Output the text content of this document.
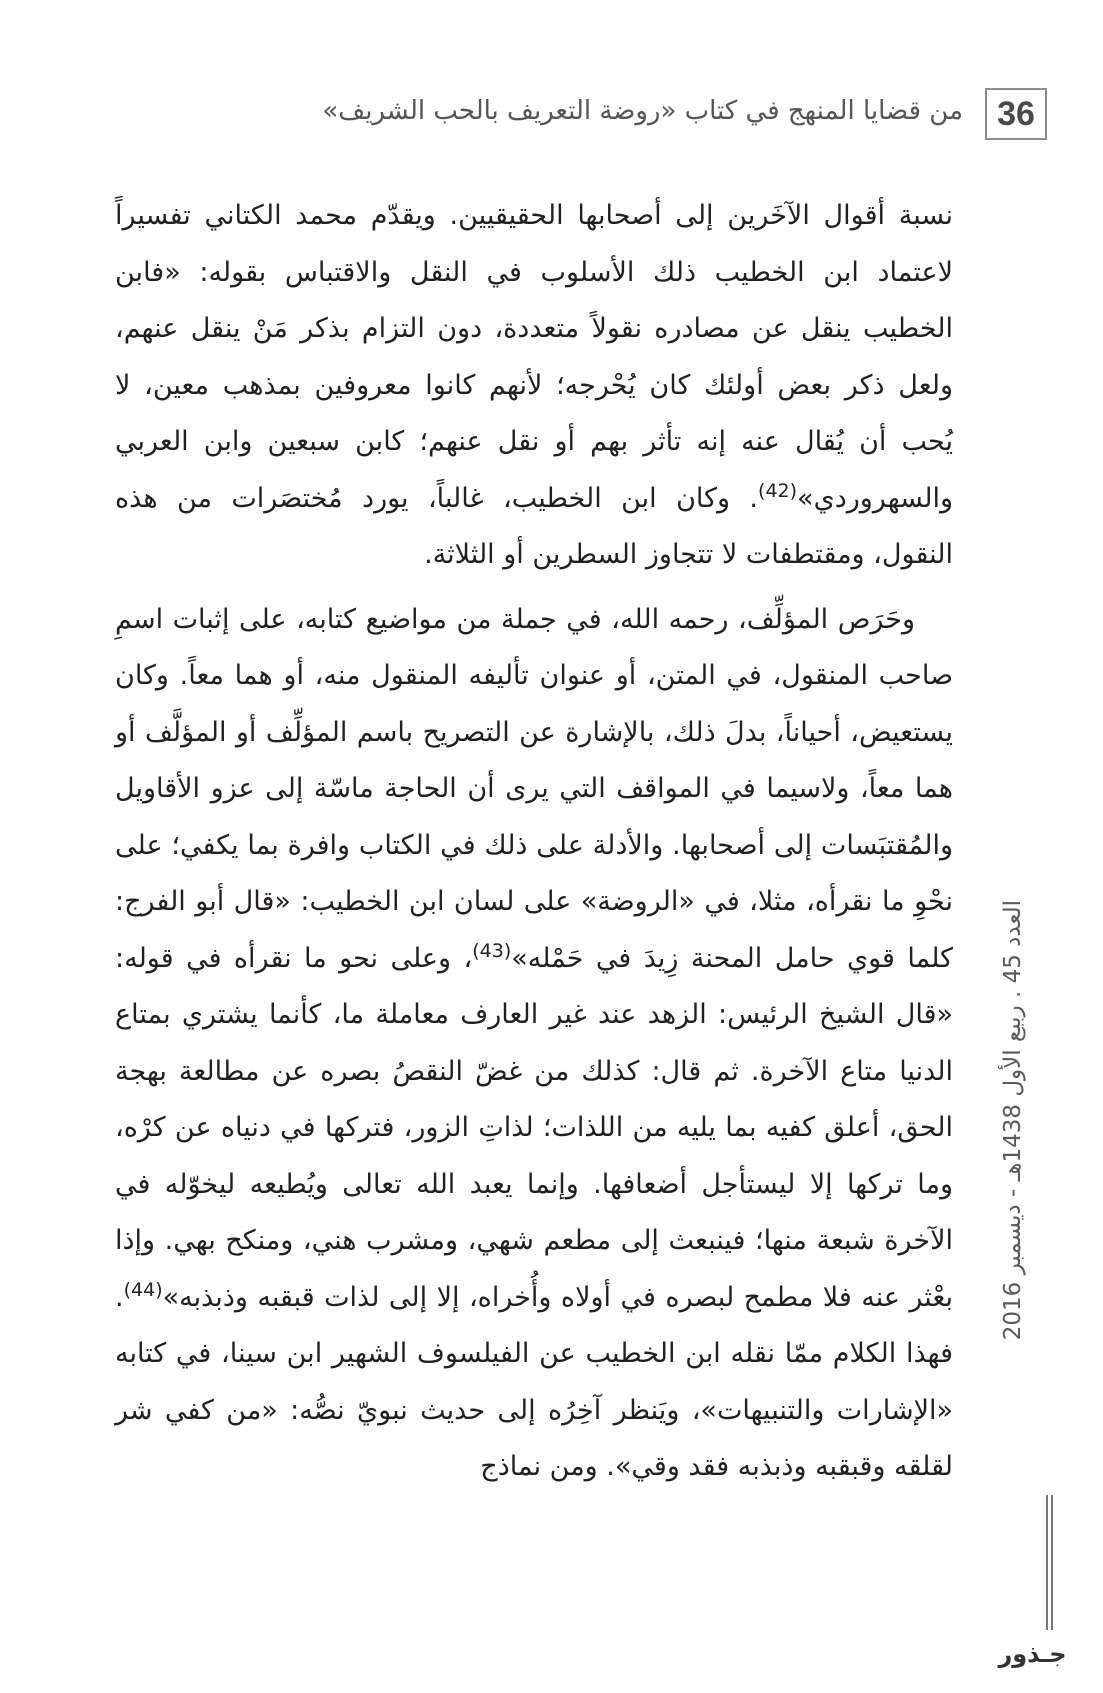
36
من قضايا المنهج في كتاب «روضة التعريف بالحب الشريف»

نسبة أقوال الآخَرين إلى أصحابها الحقيقيين. ويقدّم محمد الكتاني تفسيراً لاعتماد ابن الخطيب ذلك الأسلوب في النقل والاقتباس بقوله: «فابن الخطيب ينقل عن مصادره نقولاً متعددة، دون التزام بذكر مَنْ ينقل عنهم، ولعل ذكر بعض أولئك كان يُحْرجه؛ لأنهم كانوا معروفين بمذهب معين، لا يُحب أن يُقال عنه إنه تأثر بهم أو نقل عنهم؛ كابن سبعين وابن العربي والسهروردي»$^{(42)}$. وكان ابن الخطيب، غالباً، يورد مُختصَرات من هذه النقول، ومقتطفات لا تتجاوز السطرين أو الثلاثة.

وحَرَص المؤلِّف، رحمه الله، في جملة من مواضيع كتابه، على إثبات اسمِ صاحب المنقول، في المتن، أو عنوان تأليفه المنقول منه، أو هما معاً. وكان يستعيض، أحياناً، بدلَ ذلك، بالإشارة عن التصريح باسم المؤلِّف أو المؤلَّف أو هما معاً، ولاسيما في المواقف التي يرى أن الحاجة ماسّة إلى عزو الأقاويل والمُقتبَسات إلى أصحابها. والأدلة على ذلك في الكتاب وافرة بما يكفي؛ على نحْوِ ما نقرأه، مثلا، في «الروضة» على لسان ابن الخطيب: «قال أبو الفرج: كلما قوي حامل المحنة زِيدَ في حَمْله»$^{(43)}$، وعلى نحو ما نقرأه في قوله: «قال الشيخ الرئيس: الزهد عند غير العارف معاملة ما، كأنما يشتري بمتاع الدنيا متاع الآخرة. ثم قال: كذلك من غضّ النقصُ بصره عن مطالعة بهجة الحق، أعلق كفيه بما يليه من اللذات؛ لذاتِ الزور، فتركها في دنياه عن كرْه، وما تركها إلا ليستأجل أضعافها. وإنما يعبد الله تعالى ويُطيعه ليخوّله في الآخرة شبعة منها؛ فينبعث إلى مطعم شهي، ومشرب هني، ومنكح بهي. وإذا بعْثر عنه فلا مطمح لبصره في أولاه وأُخراه، إلا إلى لذات قبقبه وذبذبه»$^{(44)}$. فهذا الكلام ممّا نقله ابن الخطيب عن الفيلسوف الشهير ابن سينا، في كتابه «الإشارات والتنبيهات»، ويَنظر آخِرُه إلى حديث نبويّ نصُّه: «من كفي شر لقلقه وقبقبه وذبذبه فقد وقي». ومن نماذج

العدد 45 . ربيع الأول 1438هـ - ديسمبر 2016
جـذور
